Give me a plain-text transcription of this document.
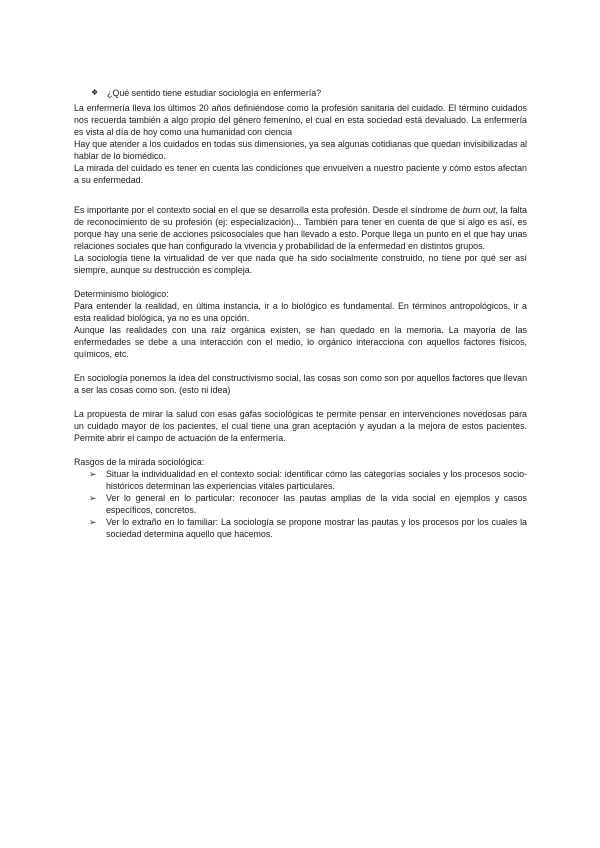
❖ ¿Qué sentido tiene estudiar sociología en enfermería?

La enfermería lleva los últimos 20 años definiéndose como la profesión sanitaria del cuidado. El término cuidados nos recuerda también a algo propio del género femenino, el cual en esta sociedad está devaluado. La enfermería es vista al día de hoy como una humanidad con ciencia

Hay que atender a los cuidados en todas sus dimensiones, ya sea algunas cotidianas que quedan invisibilizadas al hablar de lo biomédico.

La mirada del cuidado es tener en cuenta las condiciones que envuelven a nuestro paciente y cómo estos afectan a su enfermedad.

Es importante por el contexto social en el que se desarrolla esta profesión. Desde el síndrome de burn out, la falta de reconocimiento de su profesión (ej: especialización)... También para tener en cuenta de que si algo es así, es porque hay una serie de acciones psicosociales que han llevado a esto. Porque llega un punto en el que hay unas relaciones sociales que han configurado la vivencia y probabilidad de la enfermedad en distintos grupos.

La sociología tiene la virtualidad de ver que nada que ha sido socialmente construido, no tiene por qué ser así siempre, aunque su destrucción es compleja.

Determinismo biológico:

Para entender la realidad, en última instancia, ir a lo biológico es fundamental. En términos antropológicos, ir a esta realidad biológica, ya no es una opción.

Aunque las realidades con una raíz orgánica existen, se han quedado en la memoria. La mayoría de las enfermedades se debe a una interacción con el medio, lo orgánico interacciona con aquellos factores físicos, químicos, etc.

En sociología ponemos la idea del constructivismo social, las cosas son como son por aquellos factores que llevan a ser las cosas como son. (esto ni idea)

La propuesta de mirar la salud con esas gafas sociológicas te permite pensar en intervenciones novedosas para un cuidado mayor de los pacientes, el cual tiene una gran aceptación y ayudan a la mejora de estos pacientes. Permite abrir el campo de actuación de la enfermería.

Rasgos de la mirada sociológica:

➢ Situar la individualidad en el contexto social: identificar cómo las categorías sociales y los procesos socio-históricos determinan las experiencias vitales particulares.
➢ Ver lo general en lo particular: reconocer las pautas amplias de la vida social en ejemplos y casos específicos, concretos.
➢ Ver lo extraño en lo familiar: La sociología se propone mostrar las pautas y los procesos por los cuales la sociedad determina aquello que hacemos.
